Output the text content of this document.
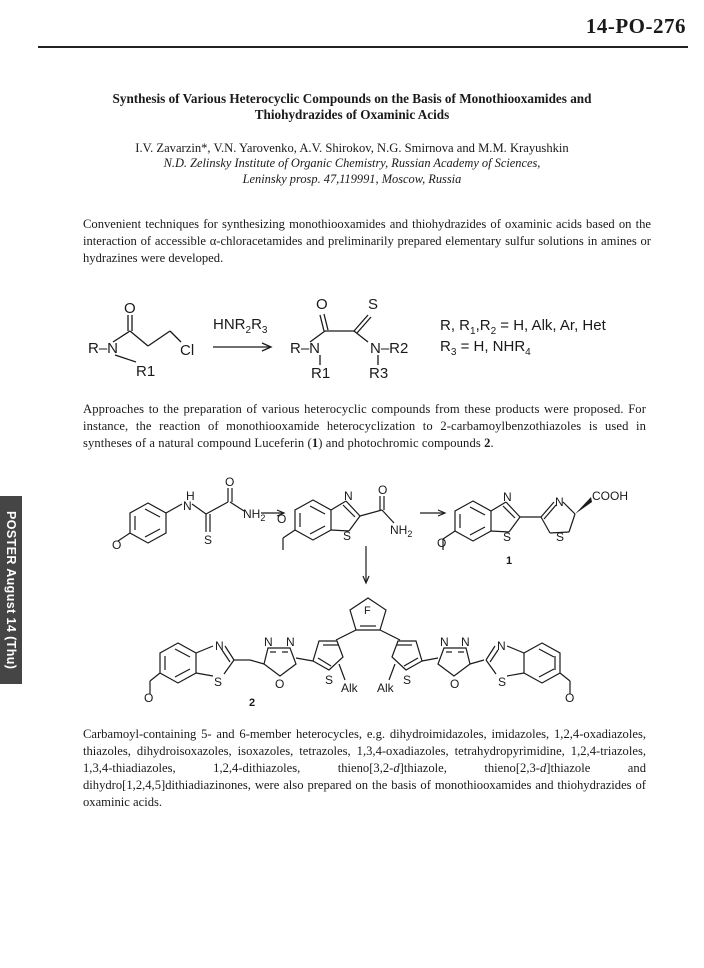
14-PO-276
Synthesis of Various Heterocyclic Compounds on the Basis of Monothiooxamides and
Thiohydrazides of Oxaminic Acids
I.V. Zavarzin*, V.N. Yarovenko, A.V. Shirokov, N.G. Smirnova and M.M. Krayushkin
N.D. Zelinsky Institute of Organic Chemistry, Russian Academy of Sciences,
Leninsky prosp. 47,119991, Moscow, Russia
Convenient techniques for synthesizing monothiooxamides and thiohydrazides of oxaminic acids based on the interaction of accessible α-chloracetamides and preliminarily prepared elementary sulfur solutions in amines or hydrazines were developed.
O
R–N	Cl
R1
$HNR_2R_3$
O	S
R–N	N–R2
R1	R3
R, $R_1,R_2 = H$, Alk, Ar, Het
$R_3 = H$, $NHR_4$
Approaches to the preparation of various heterocyclic compounds from these products were proposed. For instance, the reaction of monothiooxamide heterocyclization to 2-carbamoylbenzothiazoles is used in syntheses of a natural compound Luceferin (1) and photochromic compounds 2.
H
N
O
S
$NH_2$
O
N
S
O
$NH_2$
O
N
S
N
S
COOH
O
1
F
S	S
N N
O
N N
O
N
S
N
S
Alk Alk
O	O
2
Carbamoyl-containing 5- and 6-member heterocycles, e.g. dihydroimidazoles, imidazoles, 1,2,4-oxadiazoles, thiazoles, dihydroisoxazoles, isoxazoles, tetrazoles, 1,3,4-oxadiazoles, tetrahydropyrimidine, 1,2,4-triazoles, 1,3,4-thiadiazoles, 1,2,4-dithiazoles, thieno[3,2-d]thiazole, thieno[2,3-d]thiazole and dihydro[1,2,4,5]dithiadiazinones, were also prepared on the basis of monothiooxamides and thiohydrazides of oxaminic acids.
POSTER August 14 (Thu)
